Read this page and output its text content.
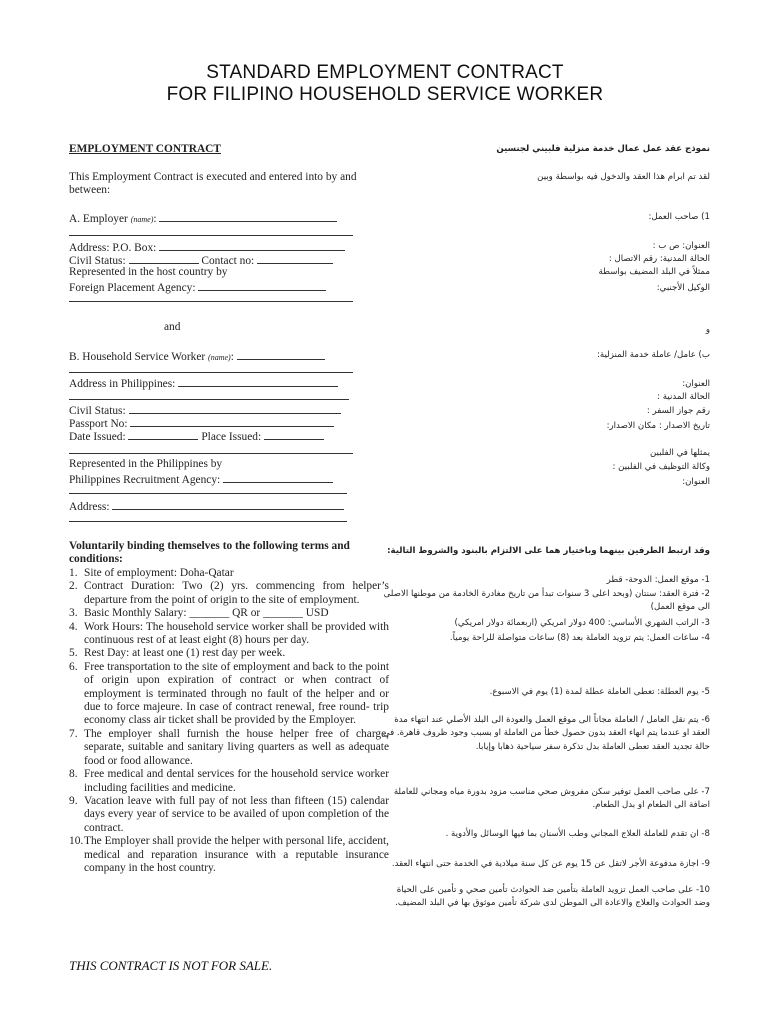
STANDARD EMPLOYMENT CONTRACT
FOR FILIPINO HOUSEHOLD SERVICE WORKER
EMPLOYMENT CONTRACT
This Employment Contract is executed and entered into by and between:
A. Employer (name):
Address: P.O. Box:
Civil Status:	Contact no:
Represented in the host country by
Foreign Placement Agency:
and
B. Household Service Worker (name):
Address in Philippines:
Civil Status:
Passport No:
Date Issued:	Place Issued:
Represented in the Philippines by
Philippines Recruitment Agency:
Address:
Voluntarily binding themselves to the following terms and conditions:
1. Site of employment: Doha-Qatar
2. Contract Duration: Two (2) yrs. commencing from helper’s departure from the point of origin to the site of employment.
3. Basic Monthly Salary: _______ QR or _______ USD
4. Work Hours: The household service worker shall be provided with continuous rest of at least eight (8) hours per day.
5. Rest Day: at least one (1) rest day per week.
6. Free transportation to the site of employment and back to the point of origin upon expiration of contract or when contract of employment is terminated through no fault of the helper and or due to force majeure. In case of contract renewal, free round- trip economy class air ticket shall be provided by the Employer.
7. The employer shall furnish the house helper free of charge, separate, suitable and sanitary living quarters as well as adequate food or food allowance.
8. Free medical and dental services for the household service worker including facilities and medicine.
9. Vacation leave with full pay of not less than fifteen (15) calendar days every year of service to be availed of upon completion of the contract.
10. The Employer shall provide the helper with personal life, accident, medical and reparation insurance with a reputable insurance company in the host country.
نموذج عقد عمل عمال خدمة منزلية فلبيني لجنسين
لقد تم ابرام هذا العقد والدخول فيه بواسطة وبين
1) صاحب العمل:
العنوان: ص ب :
الحالة المدنية: رقم الاتصال :
ممثلاً في البلد المضيف بواسطة
الوكيل الأجنبي:
و
ب) عامل/ عاملة خدمة المنزلية:
العنوان:
الحالة المدنية :
رقم جواز السفر :
تاريخ الاصدار : مكان الاصدار:
يمثلها في الفلبين
وكالة التوظيف في الفلبين :
العنوان:
وقد ارتبط الطرفين بينهما وباختيار هما على الالتزام بالبنود والشروط التالية:
1- موقع العمل: الدوحة- قطر
2- فترة العقد: سنتان (وبحد اعلى 3 سنوات تبدأ من تاريخ مغادرة الخادمة من موطنها الاصلى الى موقع العمل)
3- الراتب الشهري الأساسي: 400 دولار امريكي (اربعمائة دولار امريكي)
4- ساعات العمل: يتم تزويد العاملة بعد (8) ساعات متواصلة للراحة يومياً.
5- يوم العطلة: تعطى العاملة عطلة لمدة (1) يوم في الاسبوع.
6- يتم نقل العامل / العاملة مجاناً الى موقع العمل والعودة الى البلد الأصلي عند انتهاء مدة العقد او عندما يتم انهاء العقد بدون حصول خطأ من العاملة او بسبب وجود ظروف قاهرة. في حالة تجديد العقد تعطى العاملة بدل تذكرة سفر سياحية ذهابا وإيابا.
7- على صاحب العمل توفير سكن مفروش صحي مناسب مزود بدورة مياه ومجاني للعاملة اضافة الى الطعام او بدل الطعام.
8- ان تقدم للعاملة العلاج المجاني وطب الأسنان بما فيها الوسائل والأدوية .
9- اجازة مدفوعة الأجر لاتقل عن 15 يوم عن كل سنة ميلادية في الخدمة حتى انتهاء العقد.
10- على صاحب العمل تزويد العاملة بتأمين ضد الحوادث تأمين صحي و تأمين على الحياة وضد الحوادث والعلاج والاعادة الى الموطن لدى شركة تأمين موثوق بها في البلد المضيف.
THIS CONTRACT IS NOT FOR SALE.
